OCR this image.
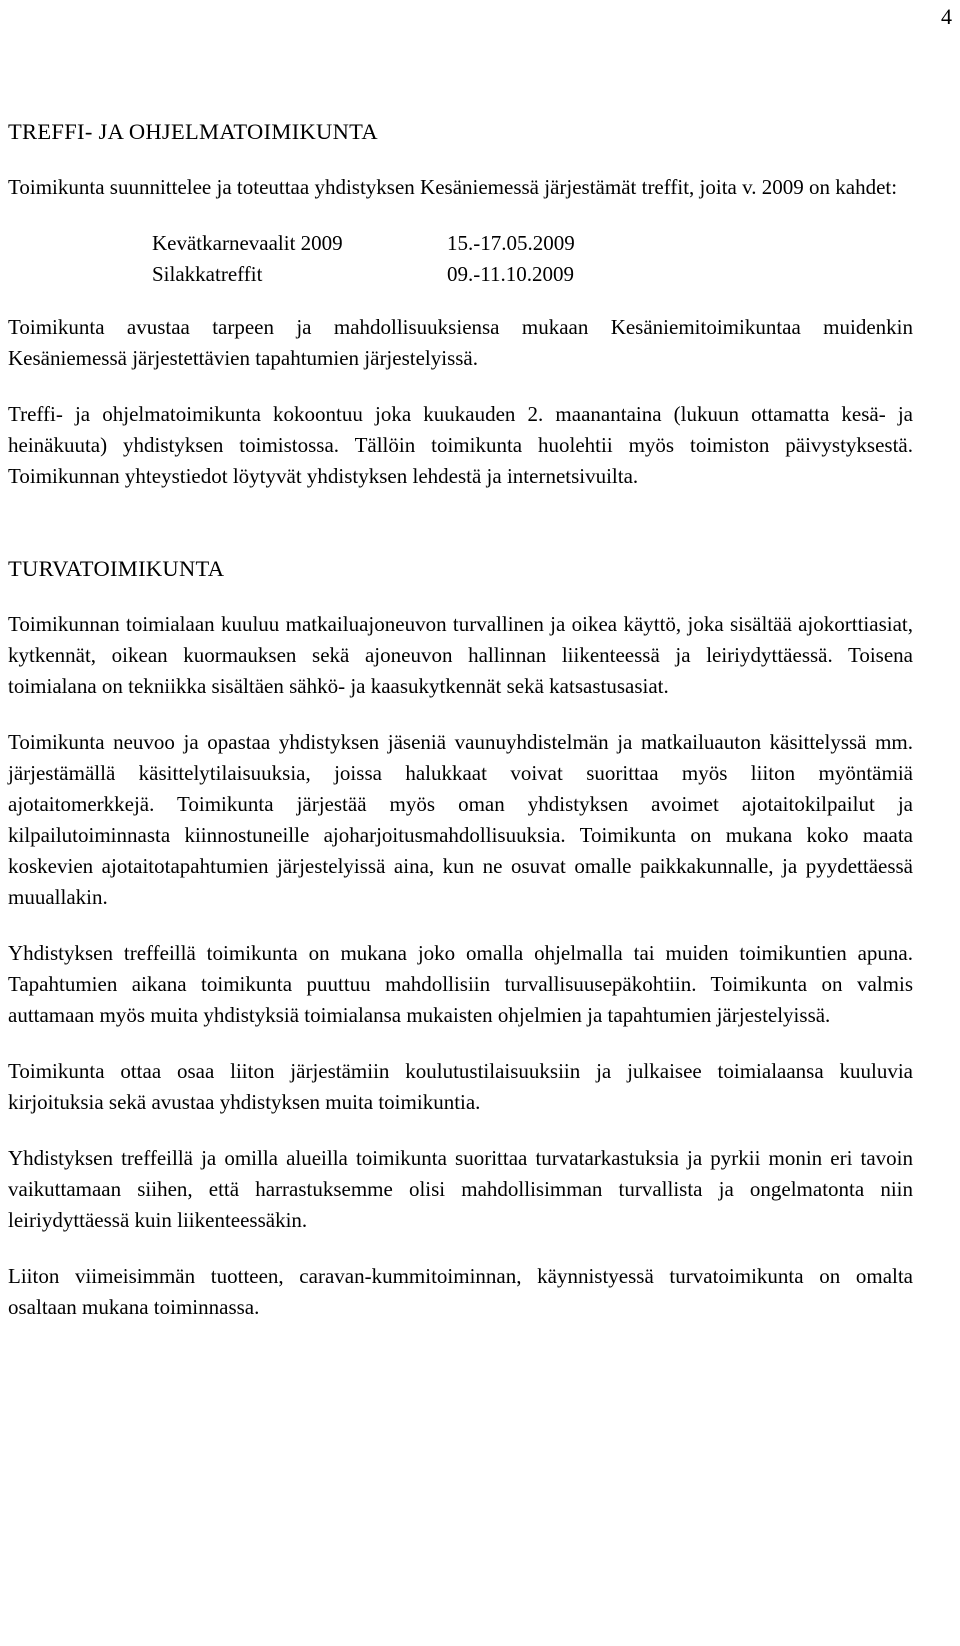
4
TREFFI- JA OHJELMATOIMIKUNTA

Toimikunta suunnittelee ja toteuttaa yhdistyksen Kesäniemessä järjestämät treffit, joita v. 2009 on kahdet:

Kevätkarnevaalit 2009	15.-17.05.2009
Silakkatreffit	09.-11.10.2009

Toimikunta avustaa tarpeen ja mahdollisuuksiensa mukaan Kesäniemitoimikuntaa muidenkin Kesäniemessä järjestettävien tapahtumien järjestelyissä.

Treffi- ja ohjelmatoimikunta kokoontuu joka kuukauden 2. maanantaina (lukuun ottamatta kesä- ja heinäkuuta) yhdistyksen toimistossa. Tällöin toimikunta huolehtii myös toimiston päivystyksestä. Toimikunnan yhteystiedot löytyvät yhdistyksen lehdestä ja internetsivuilta.

TURVATOIMIKUNTA

Toimikunnan toimialaan kuuluu matkailuajoneuvon turvallinen ja oikea käyttö, joka sisältää ajokorttiasiat, kytkennät, oikean kuormauksen sekä ajoneuvon hallinnan liikenteessä ja leiriydyttäessä. Toisena toimialana on tekniikka sisältäen sähkö- ja kaasukytkennät sekä katsastusasiat.

Toimikunta neuvoo ja opastaa yhdistyksen jäseniä vaunuyhdistelmän ja matkailuauton käsittelyssä mm. järjestämällä käsittelytilaisuuksia, joissa halukkaat voivat suorittaa myös liiton myöntämiä ajotaitomerkkejä. Toimikunta järjestää myös oman yhdistyksen avoimet ajotaitokilpailut ja kilpailutoiminnasta kiinnostuneille ajoharjoitusmahdollisuuksia. Toimikunta on mukana koko maata koskevien ajotaitotapahtumien järjestelyissä aina, kun ne osuvat omalle paikkakunnalle, ja pyydettäessä muuallakin.

Yhdistyksen treffeillä toimikunta on mukana joko omalla ohjelmalla tai muiden toimikuntien apuna. Tapahtumien aikana toimikunta puuttuu mahdollisiin turvallisuusepäkohtiin. Toimikunta on valmis auttamaan myös muita yhdistyksiä toimialansa mukaisten ohjelmien ja tapahtumien järjestelyissä.

Toimikunta ottaa osaa liiton järjestämiin koulutustilaisuuksiin ja julkaisee toimialaansa kuuluvia kirjoituksia sekä avustaa yhdistyksen muita toimikuntia.

Yhdistyksen treffeillä ja omilla alueilla toimikunta suorittaa turvatarkastuksia ja pyrkii monin eri tavoin vaikuttamaan siihen, että harrastuksemme olisi mahdollisimman turvallista ja ongelmatonta niin leiriydyttäessä kuin liikenteessäkin.

Liiton viimeisimmän tuotteen, caravan-kummitoiminnan, käynnistyessä turvatoimikunta on omalta osaltaan mukana toiminnassa.
